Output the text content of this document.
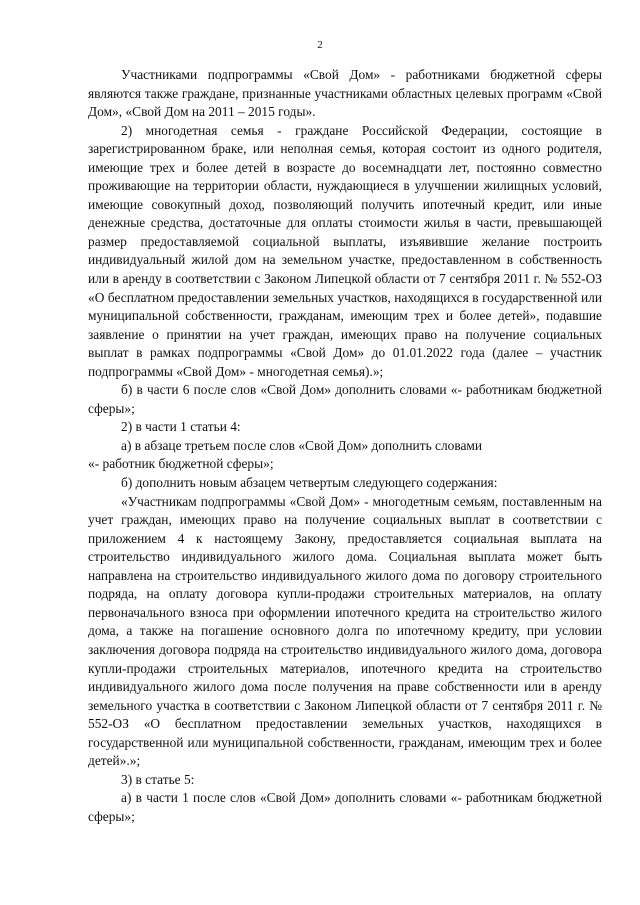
2

Участниками подпрограммы «Свой Дом» - работниками бюджетной сферы являются также граждане, признанные участниками областных целевых программ «Свой Дом», «Свой Дом на 2011 – 2015 годы».

2) многодетная семья - граждане Российской Федерации, состоящие в зарегистрированном браке, или неполная семья, которая состоит из одного родителя, имеющие трех и более детей в возрасте до восемнадцати лет, постоянно совместно проживающие на территории области, нуждающиеся в улучшении жилищных условий, имеющие совокупный доход, позволяющий получить ипотечный кредит, или иные денежные средства, достаточные для оплаты стоимости жилья в части, превышающей размер предоставляемой социальной выплаты, изъявившие желание построить индивидуальный жилой дом на земельном участке, предоставленном в собственность или в аренду в соответствии с Законом Липецкой области от 7 сентября 2011 г. № 552-ОЗ «О бесплатном предоставлении земельных участков, находящихся в государственной или муниципальной собственности, гражданам, имеющим трех и более детей», подавшие заявление о принятии на учет граждан, имеющих право на получение социальных выплат в рамках подпрограммы «Свой Дом» до 01.01.2022 года (далее – участник подпрограммы «Свой Дом» - многодетная семья).»;

б) в части 6 после слов «Свой Дом» дополнить словами «- работникам бюджетной сферы»;

2) в части 1 статьи 4:

а) в абзаце третьем после слов «Свой Дом» дополнить словами

«- работник бюджетной сферы»;

б) дополнить новым абзацем четвертым следующего содержания:

«Участникам подпрограммы «Свой Дом» - многодетным семьям, поставленным на учет граждан, имеющих право на получение социальных выплат в соответствии с приложением 4 к настоящему Закону, предоставляется социальная выплата на строительство индивидуального жилого дома. Социальная выплата может быть направлена на строительство индивидуального жилого дома по договору строительного подряда, на оплату договора купли-продажи строительных материалов, на оплату первоначального взноса при оформлении ипотечного кредита на строительство жилого дома, а также на погашение основного долга по ипотечному кредиту, при условии заключения договора подряда на строительство индивидуального жилого дома, договора купли-продажи строительных материалов, ипотечного кредита на строительство индивидуального жилого дома после получения на праве собственности или в аренду земельного участка в соответствии с Законом Липецкой области от 7 сентября 2011 г. № 552-ОЗ «О бесплатном предоставлении земельных участков, находящихся в государственной или муниципальной собственности, гражданам, имеющим трех и более детей».»;

3) в статье 5:

а) в части 1 после слов «Свой Дом» дополнить словами «- работникам бюджетной сферы»;
